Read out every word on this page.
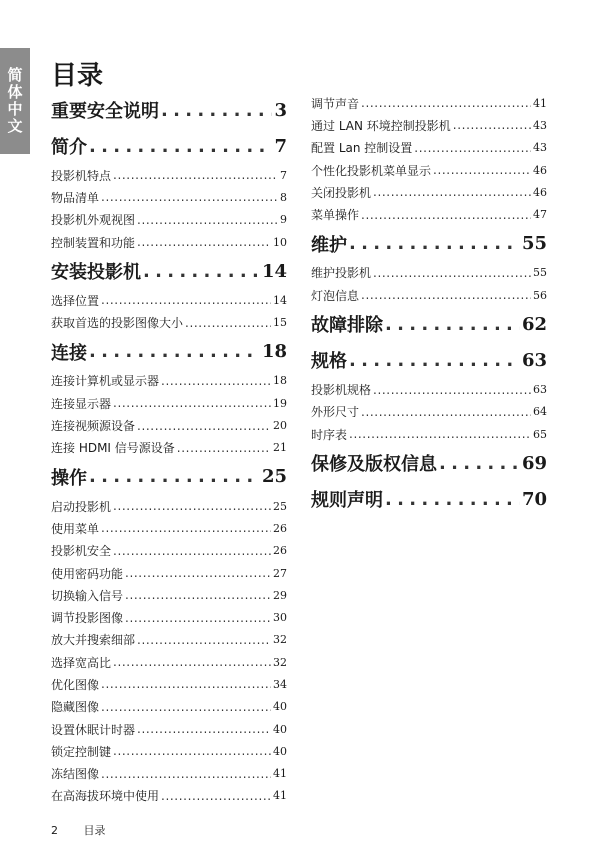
简体中文 目录
重要安全说明 . . .	3
简介 . . .	7
投影机特点 . . .	7
物品清单 . . .	8
投影机外观视图 . . .	9
控制装置和功能 . . .	10
安装投影机 . . .	14
选择位置 . . .	14
获取首选的投影图像大小 . . .	15
连接 . . .	18
连接计算机或显示器 . . .	18
连接显示器 . . .	19
连接视频源设备 . . .	20
连接 HDMI 信号源设备 . . .	21
操作 . . .	25
启动投影机 . . .	25
使用菜单 . . .	26
投影机安全 . . .	26
使用密码功能 . . .	27
切换输入信号 . . .	29
调节投影图像 . . .	30
放大并搜索细部 . . .	32
选择宽高比 . . .	32
优化图像 . . .	34
隐藏图像 . . .	40
设置休眠计时器 . . .	40
锁定控制键 . . .	40
冻结图像 . . .	41
在高海拔环境中使用 . . .	41
调节声音 . . .	41
通过 LAN 环境控制投影机 . . .	43
配置 Lan 控制设置 . . .	43
个性化投影机菜单显示 . . .	46
关闭投影机 . . .	46
菜单操作 . . .	47
维护 . . .	55
维护投影机 . . .	55
灯泡信息 . . .	56
故障排除 . . .	62
规格 . . .	63
投影机规格 . . .	63
外形尺寸 . . .	64
时序表 . . .	65
保修及版权信息 . . .	69
规则声明 . . .	70
2 目录
